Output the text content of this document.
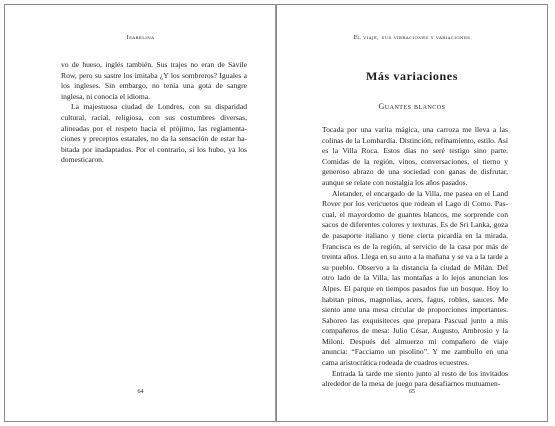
Isabelina

vo de hueso, inglés también. Sus trajes no eran de Savile Row, pero su sastre los imitaba ¿Y los sombreros? Iguales a los ingleses. Sin embargo, no tenía una gota de sangre inglesa, ni conocía el idioma.

La majestuosa ciudad de Londres, con su disparidad cultural, racial, religiosa, con sus costumbres diversas, alineadas por el respeto hacia el prójimo, las reglamentaciones y preceptos estatales, no da la sensación de estar habitada por inadaptados. Por el contrario, si los hubo, ya los domesticaron.

64
El viaje, sus vibraciones y variaciones
Más variaciones
Guantes blancos

Tocada por una varita mágica, una carroza me lleva a las colinas de la Lombardía. Distinción, refinamiento, estilo. Así es la Villa Roca. Estos días no seré testigo sino parte. Comidas de la región, vinos, conversaciones, el tierno y generoso abrazo de una sociedad con ganas de disfrutar, aunque se relate con nostalgia los años pasados.

Aletander, el encargado de la Villa, me pasea en el Land Rover por los vericuetos que rodean el Lago di Como. Pascual, el mayordomo de guantes blancos, me sorprende con sacos de diferentes colores y texturas. Es de Sri Lanka, goza de pasaporte italiano y tiene cierta picardía en la mirada. Francisca es de la región, al servicio de la casa por más de treinta años. Llega en su auto a la mañana y se va a la tarde a su pueblo. Observo a la distancia la ciudad de Milán. Del otro lado de la Villa, las montañas a lo lejos anuncian los Alpes. El parque en tiempos pasados fue un bosque. Hoy lo habitan pinos, magnolias, acers, fagus, robles, sauces. Me siento ante una mesa circular de proporciones importantes. Saboreo las exquisiteces que prepara Pascual junto a mis compañeros de mesa: Julio César, Augusto, Ambrosio y la Miloni. Después del almuerzo mi compañero de viaje anuncia: “Facciamo un pisolino”. Y me zambullo en una cama aristocrática rodeada de cuadros ecuestres.

Entrada la tarde me siento junto al resto de los invitados alrededor de la mesa de juego para desafiarnos mutuamen-

65
